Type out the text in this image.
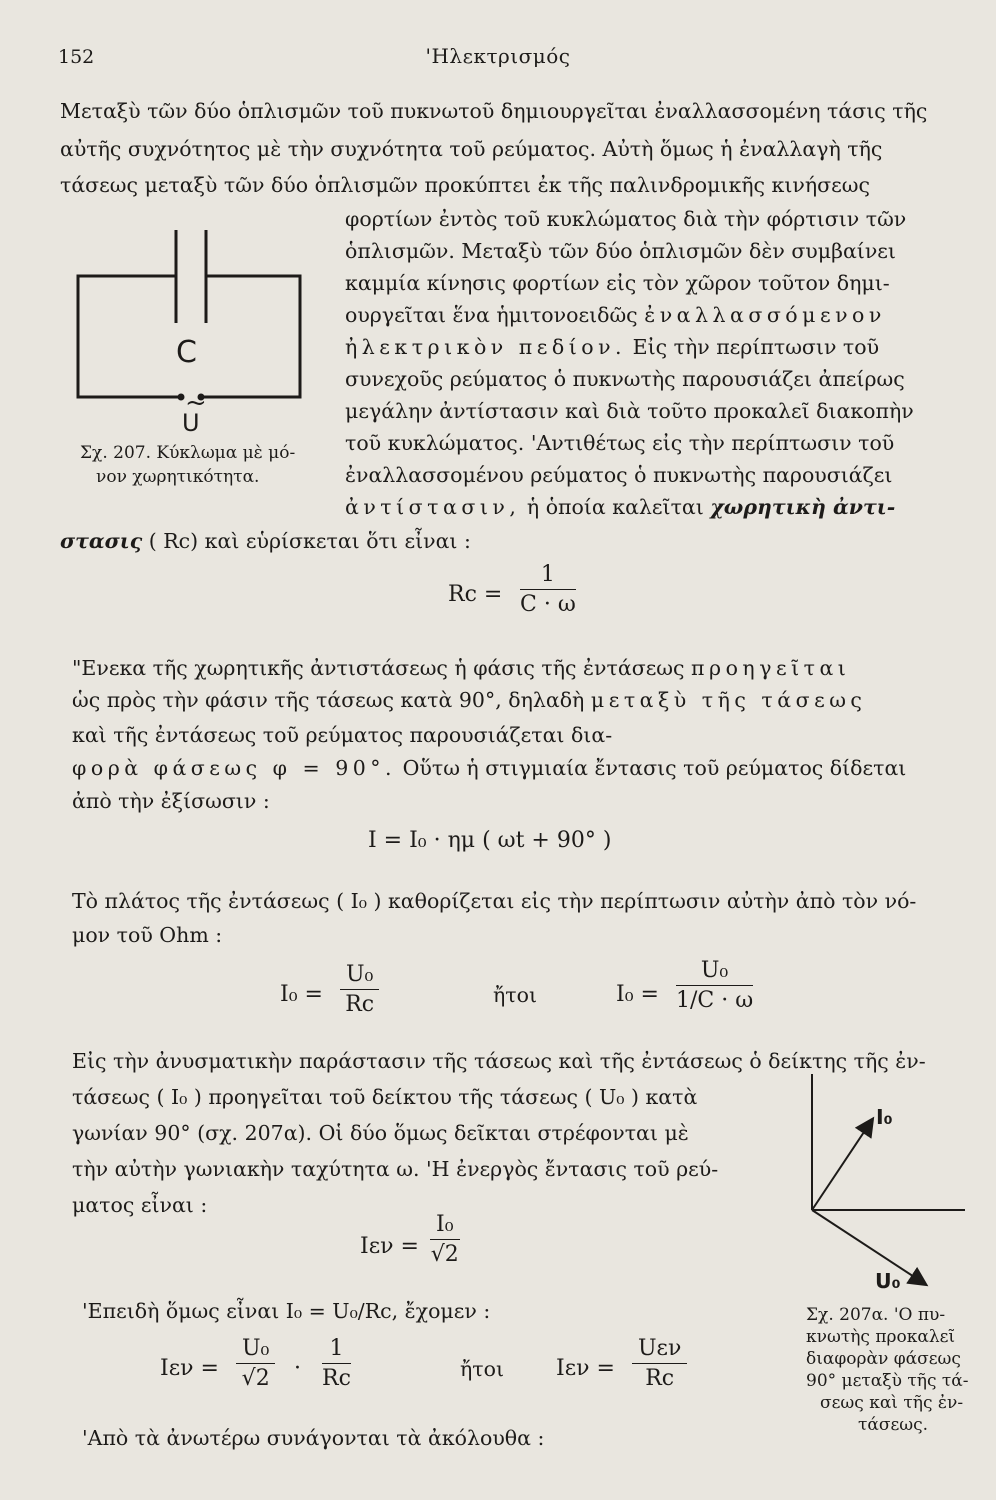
152	'Ηλεκτρισμός
Μεταξὺ τῶν δύο ὁπλισμῶν τοῦ πυκνωτοῦ δημιουργεῖται ἐναλλασσομένη τάσις τῆς
αὐτῆς συχνότητος μὲ τὴν συχνότητα τοῦ ρεύματος. Αὐτὴ ὅμως ἡ ἐναλλαγὴ τῆς
τάσεως μεταξὺ τῶν δύο ὁπλισμῶν προκύπτει ἐκ τῆς παλινδρομικῆς κινήσεως
φορτίων ἐντὸς τοῦ κυκλώματος διὰ τὴν φόρτισιν τῶν
ὁπλισμῶν. Μεταξὺ τῶν δύο ὁπλισμῶν δὲν συμβαίνει
καμμία κίνησις φορτίων εἰς τὸν χῶρον τοῦτον δημι-
ουργεῖται ἕνα ἡμιτονοειδῶς ἐναλλασσόμενον
ἠλεκτρικὸν πεδίον. Εἰς τὴν περίπτωσιν τοῦ
συνεχοῦς ρεύματος ὁ πυκνωτὴς παρουσιάζει ἀπείρως
μεγάλην ἀντίστασιν καὶ διὰ τοῦτο προκαλεῖ διακοπὴν
τοῦ κυκλώματος. 'Αντιθέτως εἰς τὴν περίπτωσιν τοῦ
ἐναλλασσομένου ρεύματος ὁ πυκνωτὴς παρουσιάζει
ἀντίστασιν, ἡ ὁποία καλεῖται χωρητικὴ ἀντι-
στασις ( Rc) καὶ εὑρίσκεται ὅτι εἶναι :
C
~
U
Σχ. 207. Κύκλωμα μὲ μό-
νον χωρητικότητα.
$Rc = \frac{1}{C \cdot \omega}$
"Ενεκα τῆς χωρητικῆς ἀντιστάσεως ἡ φάσις τῆς ἐντάσεως προηγεῖται
ὡς πρὸς τὴν φάσιν τῆς τάσεως κατὰ 90°, δηλαδὴ μεταξὺ τῆς τάσεως
καὶ τῆς ἐντάσεως τοῦ ρεύματος παρουσιάζεται δια-
φορὰ φάσεως φ = 90°. Οὕτω ἡ στιγμιαία ἔντασις τοῦ ρεύματος δίδεται
ἀπὸ τὴν ἐξίσωσιν :
I = I₀ · ημ ( ωt + 90° )
Τὸ πλάτος τῆς ἐντάσεως ( I₀ ) καθορίζεται εἰς τὴν περίπτωσιν αὐτὴν ἀπὸ τὸν νό-
μον τοῦ Ohm :
$I_0 = \frac{\text{U₀}}{Rc}$	ἤτοι	$I_0 = \frac{\text{U₀}}{1/C \cdot \omega}$
Εἰς τὴν ἀνυσματικὴν παράστασιν τῆς τάσεως καὶ τῆς ἐντάσεως ὁ δείκτης τῆς ἐν-
τάσεως ( I₀ ) προηγεῖται τοῦ δείκτου τῆς τάσεως ( U₀ ) κατὰ
γωνίαν 90° (σχ. 207α). Οἱ δύο ὅμως δεῖκται στρέφονται μὲ
τὴν αὐτὴν γωνιακὴν ταχύτητα ω. 'Η ἐνεργὸς ἔντασις τοῦ ρεύ-
ματος εἶναι :
I₀
U₀
Σχ. 207α. 'Ο πυ-
κνωτὴς προκαλεῖ
διαφορὰν φάσεως
90° μεταξὺ τῆς τά-
σεως καὶ τῆς ἐν-
τάσεως.
$I\varepsilon\nu = \frac{\text{I₀}}{√2}$
'Επειδὴ ὅμως εἶναι I₀ = U₀/Rc, ἔχομεν :
$I\varepsilon\nu = \frac{\text{U₀}}{√2} \cdot \frac{1}{Rc}$	ἤτοι Iεν =
Uεν
Rc
'Απὸ τὰ ἀνωτέρω συνάγονται τὰ ἀκόλουθα :
